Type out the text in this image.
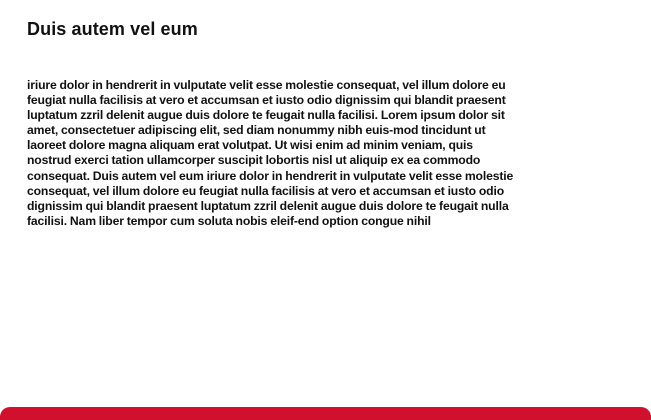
Duis autem vel eum

iriure dolor in hendrerit in vulputate velit esse molestie consequat, vel illum dolore eu feugiat nulla facilisis at vero et accumsan et iusto odio dignissim qui blandit praesent luptatum zzril delenit augue duis dolore te feugait nulla facilisi. Lorem ipsum dolor sit amet, consectetuer adipiscing elit, sed diam nonummy nibh euis-mod tincidunt ut laoreet dolore magna aliquam erat volutpat. Ut wisi enim ad minim veniam, quis nostrud exerci tation ullamcorper suscipit lobortis nisl ut aliquip ex ea commodo consequat. Duis autem vel eum iriure dolor in hendrerit in vulputate velit esse molestie consequat, vel illum dolore eu feugiat nulla facilisis at vero et accumsan et iusto odio dignissim qui blandit praesent luptatum zzril delenit augue duis dolore te feugait nulla facilisi. Nam liber tempor cum soluta nobis eleif-end option congue nihil
